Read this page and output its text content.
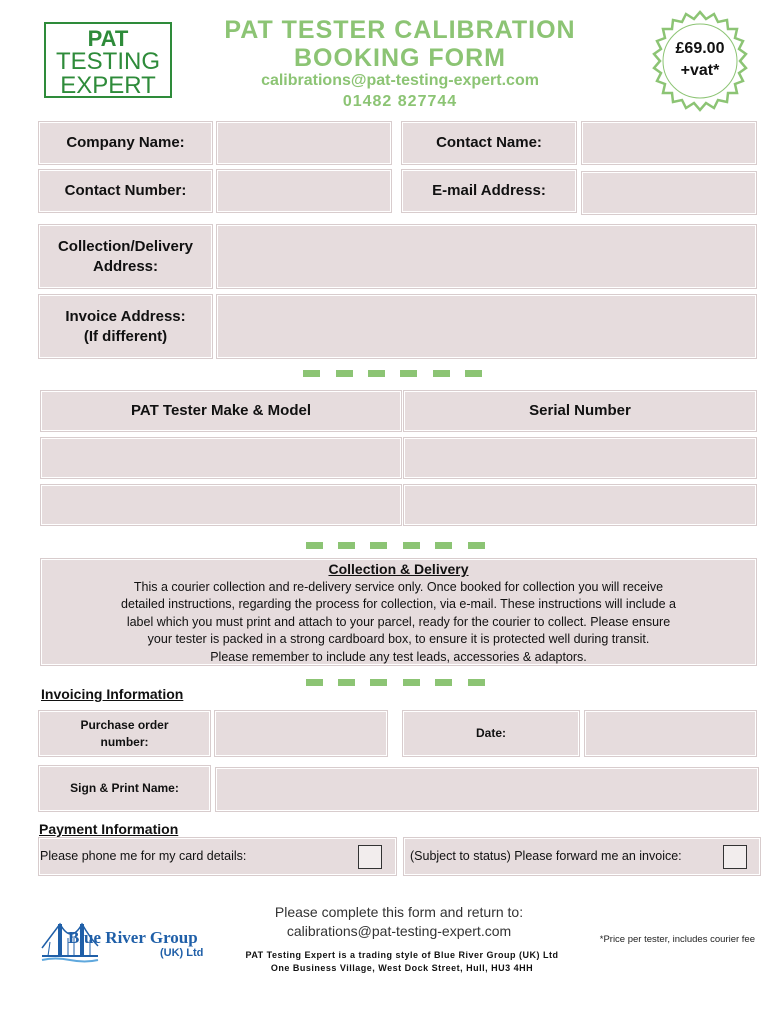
PAT
TESTING
EXPERT
PAT TESTER CALIBRATION
BOOKING FORM
calibrations@pat-testing-expert.com
01482 827744
£69.00
+vat*
Company Name:	Contact Name:
Contact Number:	E-mail Address:
Collection/Delivery
Address:
Invoice Address:
(If different)
PAT Tester Make & Model	Serial Number
Collection & Delivery
This a courier collection and re-delivery service only. Once booked for collection you will receive
detailed instructions, regarding the process for collection, via e-mail. These instructions will include a
label which you must print and attach to your parcel, ready for the courier to collect. Please ensure
your tester is packed in a strong cardboard box, to ensure it is protected well during transit.
Please remember to include any test leads, accessories & adaptors.
Invoicing Information
Purchase order
number:
Date:
Sign & Print Name:
Payment Information
Please phone me for my card details:	(Subject to status) Please forward me an invoice:
Blue River Group
(UK) Ltd
Please complete this form and return to:
calibrations@pat-testing-expert.com
*Price per tester, includes courier fee
PAT Testing Expert is a trading style of Blue River Group (UK) Ltd
One Business Village, West Dock Street, Hull, HU3 4HH
